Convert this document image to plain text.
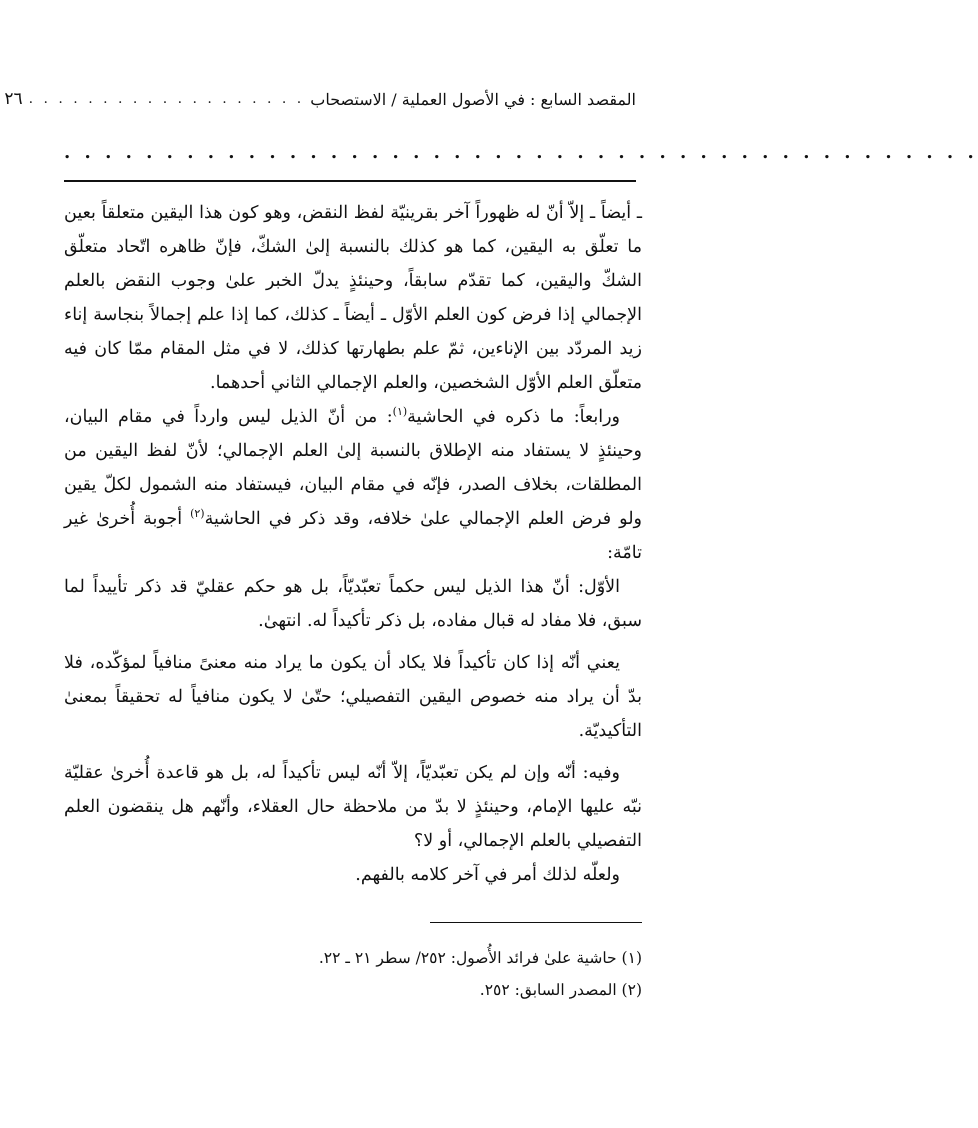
المقصد السابع : في الأصول العملية / الاستصحاب
. . . . . . . . . . . . . . . . . . .
٢٦
. . . . . . . . . . . . . . . . . . . . . . . . . . . . . . . . . . . . . . . . . . . . .

ـ أيضاً ـ إلاّ أنّ له ظهوراً آخر بقرينيّة لفظ النقض، وهو كون هذا اليقين متعلقاً بعين ما تعلّق به اليقين، كما هو كذلك بالنسبة إلىٰ الشكّ، فإنّ ظاهره اتّحاد متعلّق الشكّ واليقين، كما تقدّم سابقاً، وحينئذٍ يدلّ الخبر علىٰ وجوب النقض بالعلم الإجمالي إذا فرض كون العلم الأوّل ـ أيضاً ـ كذلك، كما إذا علم إجمالاً بنجاسة إناء زيد المردّد بين الإناءين، ثمّ علم بطهارتها كذلك، لا في مثل المقام ممّا كان فيه متعلّق العلم الأوّل الشخصين، والعلم الإجمالي الثاني أحدهما.

ورابعاً: ما ذكره في الحاشية$^{(١)}$: من أنّ الذيل ليس وارداً في مقام البيان، وحينئذٍ لا يستفاد منه الإطلاق بالنسبة إلىٰ العلم الإجمالي؛ لأنّ لفظ اليقين من المطلقات، بخلاف الصدر، فإنّه في مقام البيان، فيستفاد منه الشمول لكلّ يقين ولو فرض العلم الإجمالي علىٰ خلافه، وقد ذكر في الحاشية$^{(٢)}$ أجوبة أُخرىٰ غير تامّة:

الأوّل: أنّ هذا الذيل ليس حكماً تعبّديّاً، بل هو حكم عقليّ قد ذكر تأييداً لما سبق، فلا مفاد له قبال مفاده، بل ذكر تأكيداً له. انتهىٰ.

يعني أنّه إذا كان تأكيداً فلا يكاد أن يكون ما يراد منه معنىً منافياً لمؤكّده، فلا بدّ أن يراد منه خصوص اليقين التفصيلي؛ حتّىٰ لا يكون منافياً له تحقيقاً بمعنىٰ التأكيديّة.

وفيه: أنّه وإن لم يكن تعبّديّاً، إلاّ أنّه ليس تأكيداً له، بل هو قاعدة أُخرىٰ عقليّة نبّه عليها الإمام، وحينئذٍ لا بدّ من ملاحظة حال العقلاء، وأنّهم هل ينقضون العلم التفصيلي بالعلم الإجمالي، أو لا؟

ولعلّه لذلك أمر في آخر كلامه بالفهم.

(١) حاشية علىٰ فرائد الأُصول: ٢٥٢/ سطر ٢١ ـ ٢٢.

(٢) المصدر السابق: ٢٥٢.
